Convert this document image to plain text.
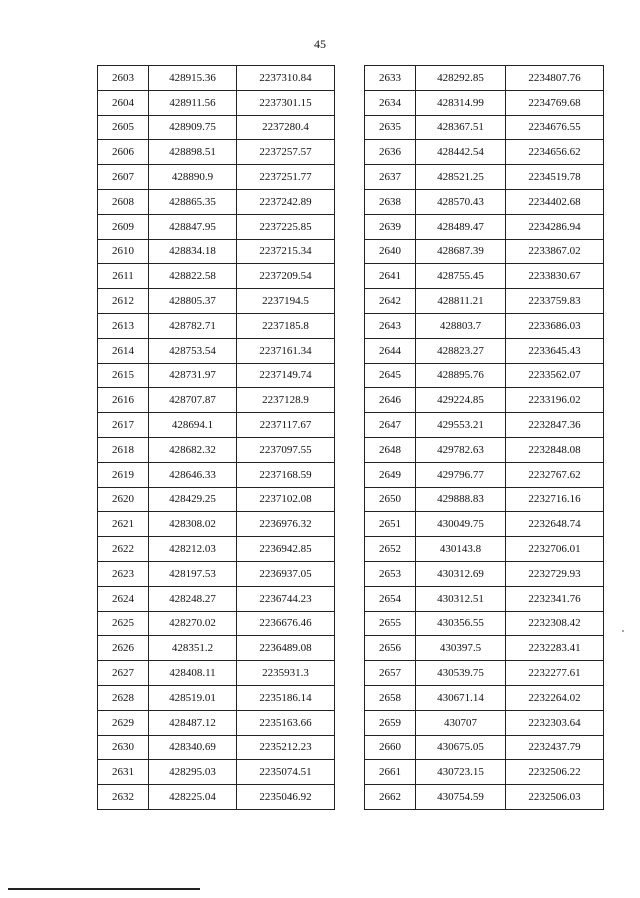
45
2603	428915.36	2237310.84
2604	428911.56	2237301.15
2605	428909.75	2237280.4
2606	428898.51	2237257.57
2607	428890.9	2237251.77
2608	428865.35	2237242.89
2609	428847.95	2237225.85
2610	428834.18	2237215.34
2611	428822.58	2237209.54
2612	428805.37	2237194.5
2613	428782.71	2237185.8
2614	428753.54	2237161.34
2615	428731.97	2237149.74
2616	428707.87	2237128.9
2617	428694.1	2237117.67
2618	428682.32	2237097.55
2619	428646.33	2237168.59
2620	428429.25	2237102.08
2621	428308.02	2236976.32
2622	428212.03	2236942.85
2623	428197.53	2236937.05
2624	428248.27	2236744.23
2625	428270.02	2236676.46
2626	428351.2	2236489.08
2627	428408.11	2235931.3
2628	428519.01	2235186.14
2629	428487.12	2235163.66
2630	428340.69	2235212.23
2631	428295.03	2235074.51
2632	428225.04	2235046.92
2633	428292.85	2234807.76
2634	428314.99	2234769.68
2635	428367.51	2234676.55
2636	428442.54	2234656.62
2637	428521.25	2234519.78
2638	428570.43	2234402.68
2639	428489.47	2234286.94
2640	428687.39	2233867.02
2641	428755.45	2233830.67
2642	428811.21	2233759.83
2643	428803.7	2233686.03
2644	428823.27	2233645.43
2645	428895.76	2233562.07
2646	429224.85	2233196.02
2647	429553.21	2232847.36
2648	429782.63	2232848.08
2649	429796.77	2232767.62
2650	429888.83	2232716.16
2651	430049.75	2232648.74
2652	430143.8	2232706.01
2653	430312.69	2232729.93
2654	430312.51	2232341.76
2655	430356.55	2232308.42
2656	430397.5	2232283.41
2657	430539.75	2232277.61
2658	430671.14	2232264.02
2659	430707	2232303.64
2660	430675.05	2232437.79
2661	430723.15	2232506.22
2662	430754.59	2232506.03
